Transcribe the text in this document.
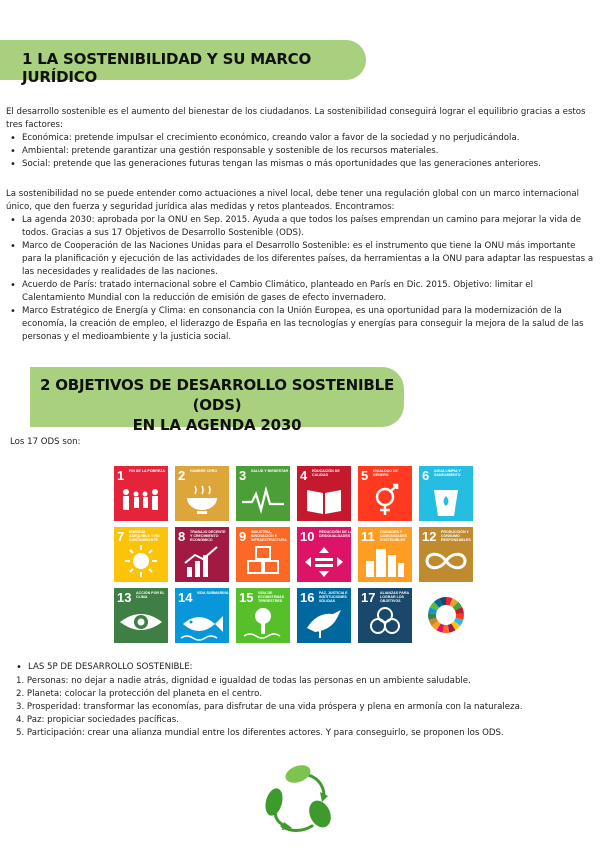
1 LA SOSTENIBILIDAD Y SU MARCO JURÍDICO
El desarrollo sostenible es el aumento del bienestar de los ciudadanos. La sostenibilidad conseguirá lograr el equilibrio gracias a estos tres factores:
• Económica: pretende impulsar el crecimiento económico, creando valor a favor de la sociedad y no perjudicándola.
• Ambiental: pretende garantizar una gestión responsable y sostenible de los recursos materiales.
• Social: pretende que las generaciones futuras tengan las mismas o más oportunidades que las generaciones anteriores.
La sostenibilidad no se puede entender como actuaciones a nivel local, debe tener una regulación global con un marco internacional único, que den fuerza y seguridad jurídica alas medidas y retos planteados. Encontramos:
• La agenda 2030: aprobada por la ONU en Sep. 2015. Ayuda a que todos los países emprendan un camino para mejorar la vida de todos. Gracias a sus 17 Objetivos de Desarrollo Sostenible (ODS).
• Marco de Cooperación de las Naciones Unidas para el Desarrollo Sostenible: es el instrumento que tiene la ONU más importante para la planificación y ejecución de las actividades de los diferentes países, da herramientas a la ONU para adaptar las respuestas a las necesidades y realidades de las naciones.
• Acuerdo de París: tratado internacional sobre el Cambio Climático, planteado en París en Dic. 2015. Objetivo: limitar el Calentamiento Mundial con la reducción de emisión de gases de efecto invernadero.
• Marco Estratégico de Energía y Clima: en consonancia con la Unión Europea, es una oportunidad para la modernización de la economía, la creación de empleo, el liderazgo de España en las tecnologías y energías para conseguir la mejora de la salud de las personas y el medioambiente y la justicia social.
2 OBJETIVOS DE DESARROLLO SOSTENIBLE (ODS)
EN LA AGENDA 2030
Los 17 ODS son:
1 FIN DE LA POBREZA 2 HAMBRE CERO	3 SALUD Y BIENESTAR 4 EDUCACIÓN DE CALIDAD	5 IGUALDAD DE GÉNERO	6 AGUA LIMPIA Y SANEAMIENTO
7 ENERGÍA ASEQUIBLE Y NO CONTAMINANTE	8 TRABAJO DECENTE Y CRECIMIENTO ECONÓMICO	9 INDUSTRIA, INNOVACIÓN E INFRAESTRUCTURA 10 REDUCCIÓN DE LAS DESIGUALDADES 11 CIUDADES Y COMUNIDADES SOSTENIBLES	12 PRODUCCIÓN Y CONSUMO RESPONSABLES
13 ACCIÓN POR EL CLIMA	14 VIDA SUBMARINA 15 VIDA DE ECOSISTEMAS TERRESTRES	16 PAZ, JUSTICIA E INSTITUCIONES SÓLIDAS	17 ALIANZAS PARA LOGRAR LOS OBJETIVOS
• LAS 5P DE DESARROLLO SOSTENIBLE:
1. Personas: no dejar a nadie atrás, dignidad e igualdad de todas las personas en un ambiente saludable.
2. Planeta: colocar la protección del planeta en el centro.
3. Prosperidad: transformar las economías, para disfrutar de una vida próspera y plena en armonía con la naturaleza.
4. Paz: propiciar sociedades pacíficas.
5. Participación: crear una alianza mundial entre los diferentes actores. Y para conseguirlo, se proponen los ODS.
